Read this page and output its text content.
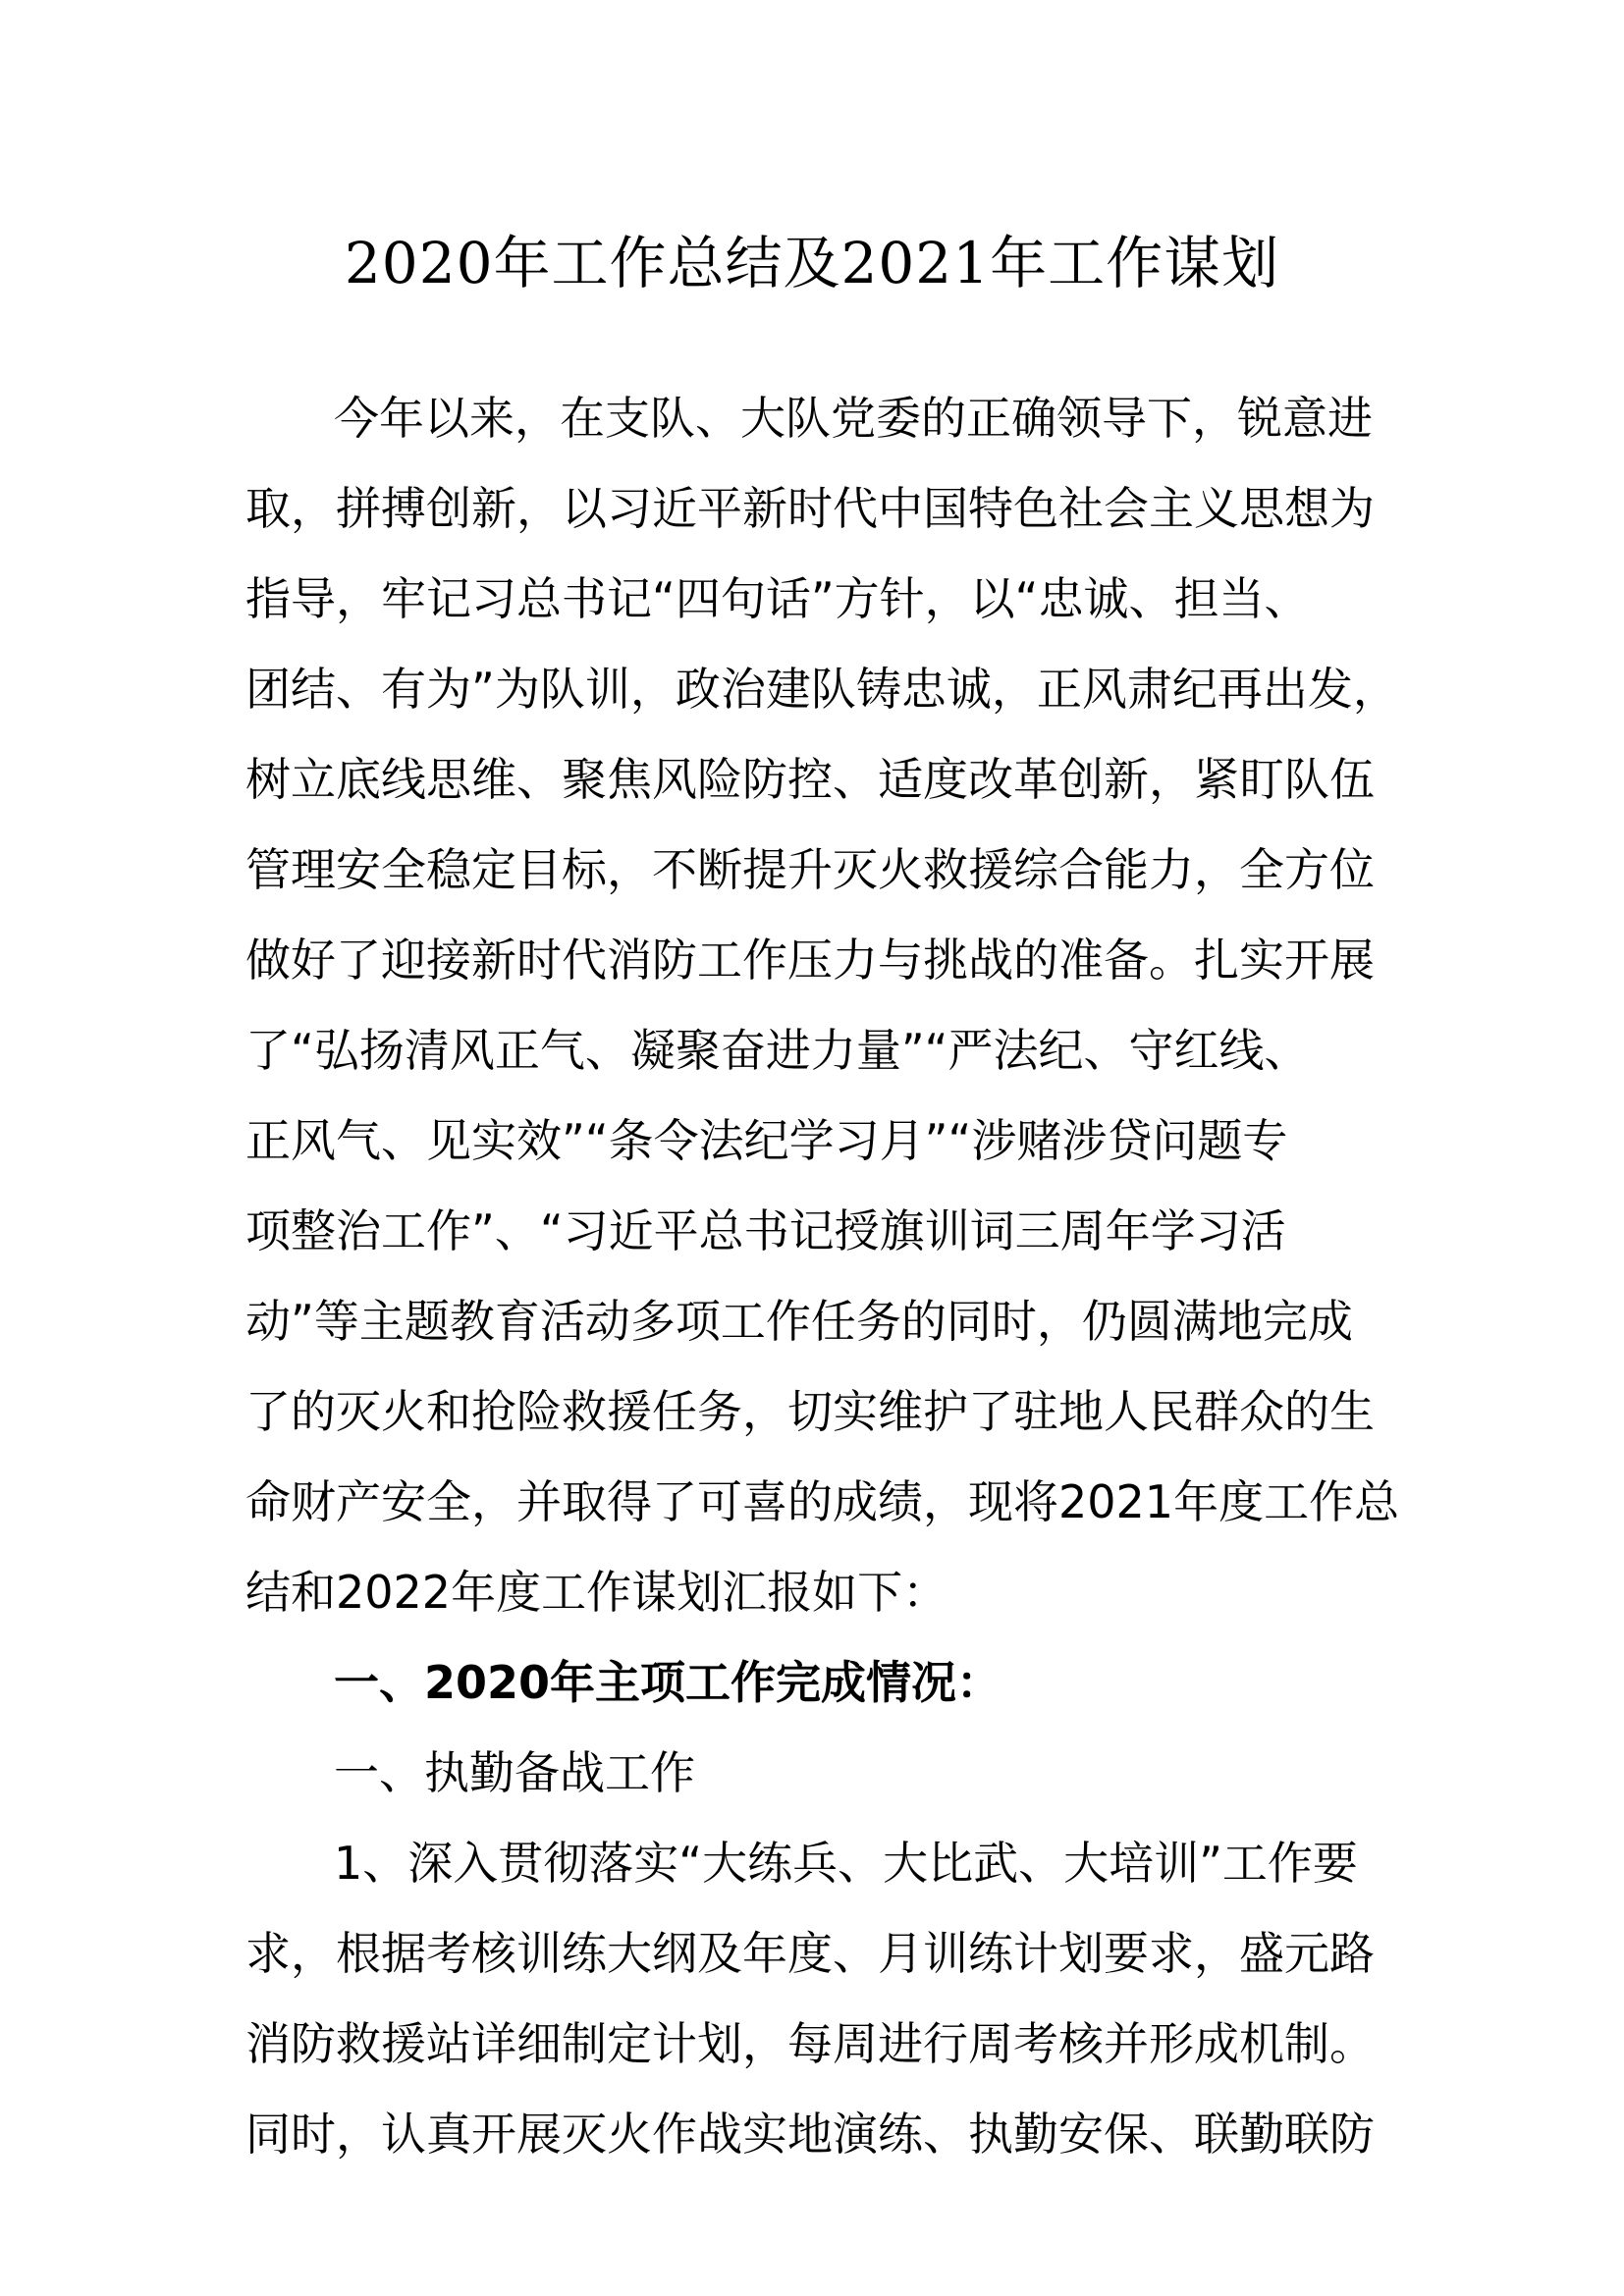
2020年工作总结及2021年工作谋划
今年以来，在支队、大队党委的正确领导下，锐意进
取，拼搏创新，以习近平新时代中国特色社会主义思想为
指导，牢记习总书记“四句话”方针，以“忠诚、担当、
团结、有为”为队训，政治建队铸忠诚，正风肃纪再出发，
树立底线思维、聚焦风险防控、适度改革创新，紧盯队伍
管理安全稳定目标，不断提升灭火救援综合能力，全方位
做好了迎接新时代消防工作压力与挑战的准备。扎实开展
了“弘扬清风正气、凝聚奋进力量”“严法纪、守红线、
正风气、见实效”“条令法纪学习月”“涉赌涉贷问题专
项整治工作”、“习近平总书记授旗训词三周年学习活
动”等主题教育活动多项工作任务的同时，仍圆满地完成
了的灭火和抢险救援任务，切实维护了驻地人民群众的生
命财产安全，并取得了可喜的成绩，现将2021年度工作总
结和2022年度工作谋划汇报如下：
一、2020年主项工作完成情况：
一、执勤备战工作
1、深入贯彻落实“大练兵、大比武、大培训”工作要
求，根据考核训练大纲及年度、月训练计划要求，盛元路
消防救援站详细制定计划，每周进行周考核并形成机制。
同时，认真开展灭火作战实地演练、执勤安保、联勤联防
